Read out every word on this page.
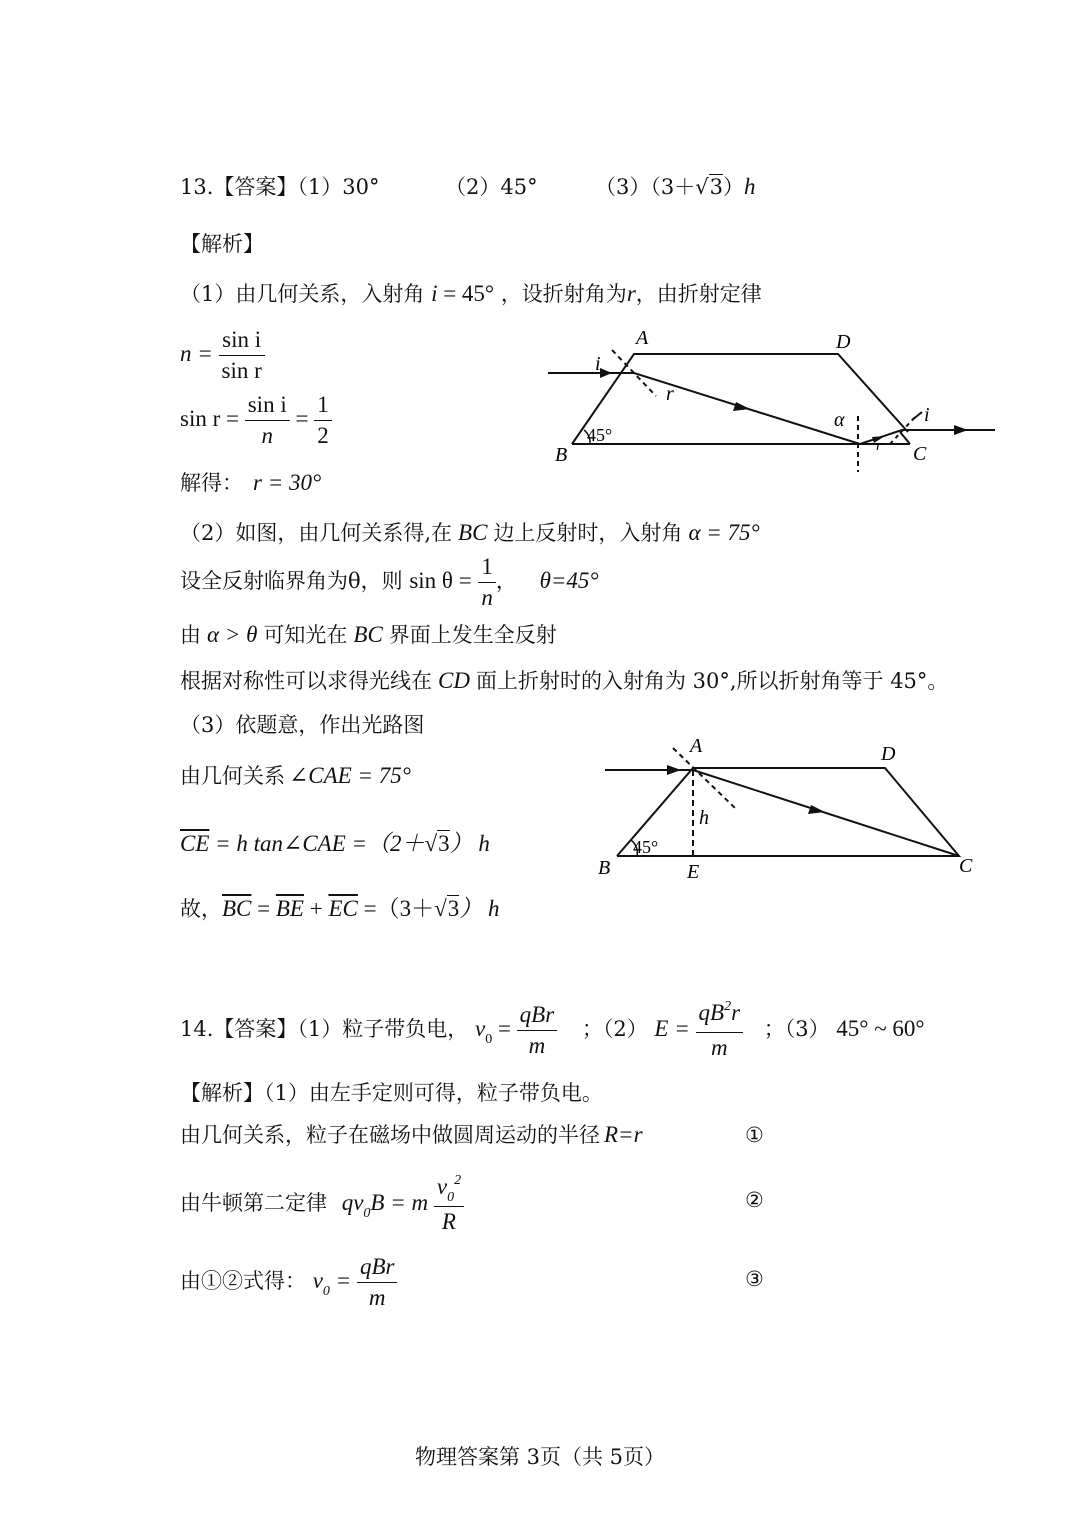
13.【答案】（1）30°	（2）45°	（3）（3＋√3）h
【解析】
（1）由几何关系，入射角 i = 45° ，设折射角为r，由折射定律
$n = \frac{\text{sin i}}{\text{sin r}}$
$\sin r = \frac{\text{sin i}}{n} = \frac{1}{2}$
解得： r = 30°
A
B	C
D
i
r
α	i
r
45°
（2）如图，由几何关系得,在 BC 边上反射时，入射角 α = 75°
设全反射临界角为θ，则 $\sin \theta = \frac{1}{n}$ ， θ=45°
由 α > θ 可知光在 BC 界面上发生全反射
根据对称性可以求得光线在 CD 面上折射时的入射角为 30°,所以折射角等于 45°。
（3）依题意，作出光路图
由几何关系 ∠CAE = 75°
$\overline{CE} = h$ tan∠CAE =（2＋√3） h
故，$\overline{BC} = \overline{BE} + \overline{EC} =(3+√3)$ h
A
B	C
D
E
h
45°
14.【答案】（1）粒子带负电， $v_0 = \frac{\text{qBr}}{m}$ ；（2） $E = \frac{qB^2r}{m}$ ；（3） 45° ~ 60°
【解析】（1）由左手定则可得，粒子带负电。
由几何关系，粒子在磁场中做圆周运动的半径 R=r	①
由牛顿第二定律 $qv_0B = m \frac{v_0^2}{R}$	②
由①②式得： $v_0 = \frac{\text{qBr}}{m}$	③
物理答案第 3页（共 5页）
